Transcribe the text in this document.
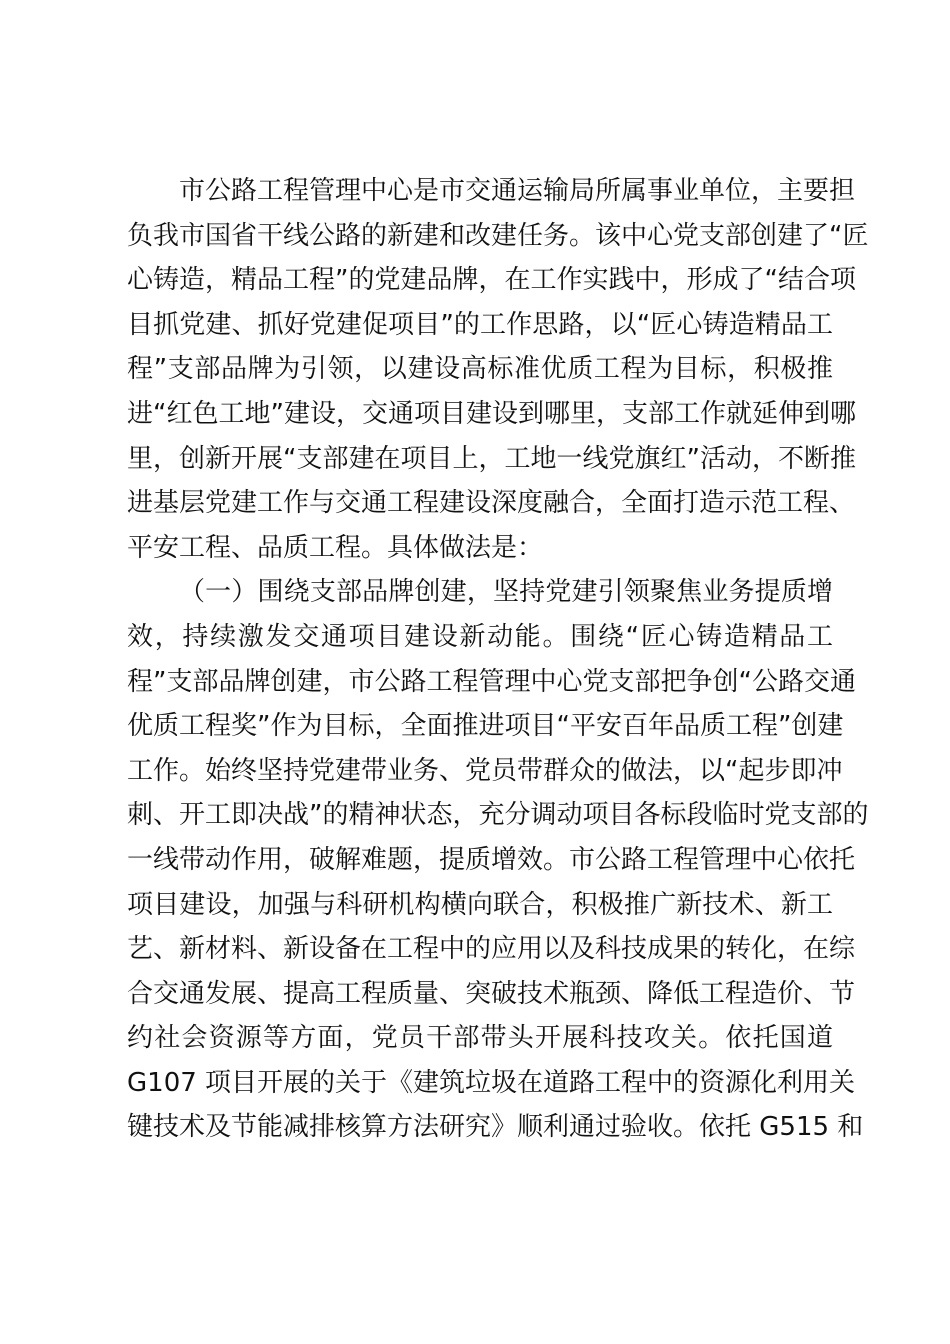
市公路工程管理中心是市交通运输局所属事业单位，主要担
负我市国省干线公路的新建和改建任务。该中心党支部创建了“匠
心铸造，精品工程”的党建品牌，在工作实践中，形成了“结合项
目抓党建、抓好党建促项目”的工作思路，以“匠心铸造精品工
程”支部品牌为引领，以建设高标准优质工程为目标，积极推
进“红色工地”建设，交通项目建设到哪里，支部工作就延伸到哪
里，创新开展“支部建在项目上，工地一线党旗红”活动，不断推
进基层党建工作与交通工程建设深度融合，全面打造示范工程、
平安工程、品质工程。具体做法是：
（一）围绕支部品牌创建，坚持党建引领聚焦业务提质增
效，持续激发交通项目建设新动能。围绕“匠心铸造精品工
程”支部品牌创建，市公路工程管理中心党支部把争创“公路交通
优质工程奖”作为目标，全面推进项目“平安百年品质工程”创建
工作。始终坚持党建带业务、党员带群众的做法，以“起步即冲
刺、开工即决战”的精神状态，充分调动项目各标段临时党支部的
一线带动作用，破解难题，提质增效。市公路工程管理中心依托
项目建设，加强与科研机构横向联合，积极推广新技术、新工
艺、新材料、新设备在工程中的应用以及科技成果的转化，在综
合交通发展、提高工程质量、突破技术瓶颈、降低工程造价、节
约社会资源等方面，党员干部带头开展科技攻关。依托国道
G107 项目开展的关于《建筑垃圾在道路工程中的资源化利用关
键技术及节能减排核算方法研究》顺利通过验收。依托 G515 和
